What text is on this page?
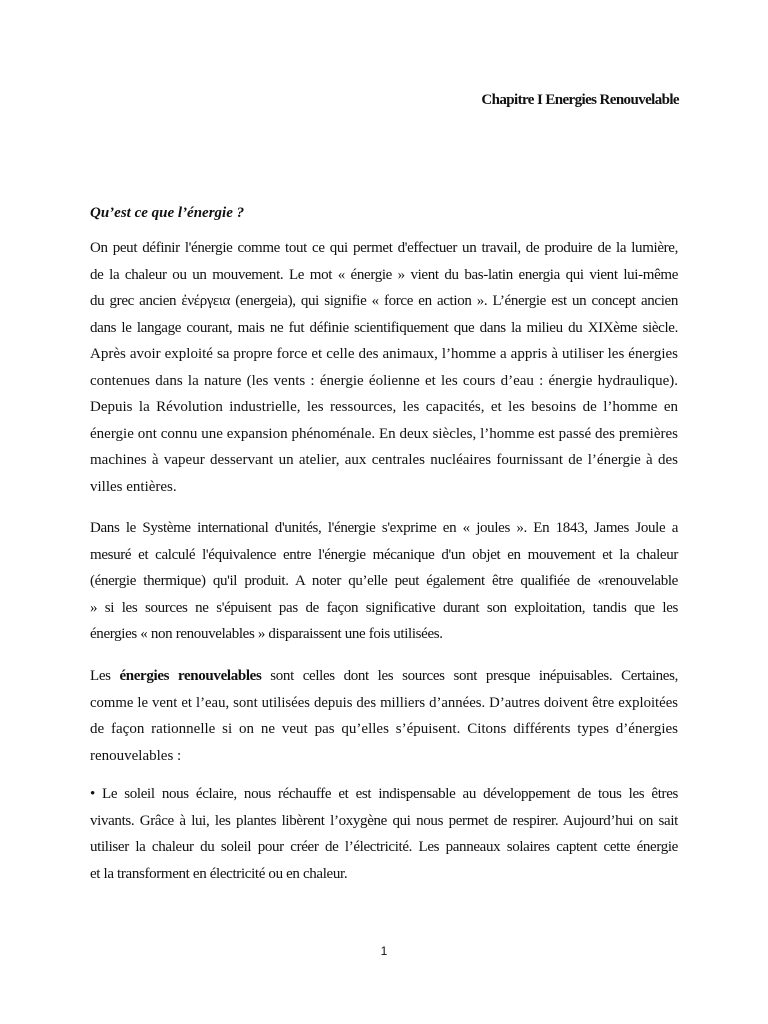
Chapitre I Energies Renouvelable
Qu’est ce que l’énergie ?
On peut définir l'énergie comme tout ce qui permet d'effectuer un travail, de produire de la lumière,
de la chaleur ou un mouvement. Le mot « énergie » vient du bas-latin energia qui vient lui-même
du grec ancien ἐνέργεια (energeia), qui signifie « force en action ». L’énergie est un concept ancien
dans le langage courant, mais ne fut définie scientifiquement que dans la milieu du XIXème siècle.
Après avoir exploité sa propre force et celle des animaux, l’homme a appris à utiliser les énergies
contenues dans la nature (les vents : énergie éolienne et les cours d’eau : énergie hydraulique).
Depuis la Révolution industrielle, les ressources, les capacités, et les besoins de l’homme en
énergie ont connu une expansion phénoménale. En deux siècles, l’homme est passé des premières
machines à vapeur desservant un atelier, aux centrales nucléaires fournissant de l’énergie à des
villes entières.
Dans le Système international d'unités, l'énergie s'exprime en « joules ». En 1843, James Joule a
mesuré et calculé l'équivalence entre l'énergie mécanique d'un objet en mouvement et la chaleur
(énergie thermique) qu'il produit. A noter qu’elle peut également être qualifiée de «renouvelable
» si les sources ne s'épuisent pas de façon significative durant son exploitation, tandis que les
énergies « non renouvelables » disparaissent une fois utilisées.
Les énergies renouvelables sont celles dont les sources sont presque inépuisables. Certaines,
comme le vent et l’eau, sont utilisées depuis des milliers d’années. D’autres doivent être exploitées
de façon rationnelle si on ne veut pas qu’elles s’épuisent. Citons différents types d’énergies
renouvelables :
• Le soleil nous éclaire, nous réchauffe et est indispensable au développement de tous les êtres
vivants. Grâce à lui, les plantes libèrent l’oxygène qui nous permet de respirer. Aujourd’hui on sait
utiliser la chaleur du soleil pour créer de l’électricité. Les panneaux solaires captent cette énergie
et la transforment en électricité ou en chaleur.
1
